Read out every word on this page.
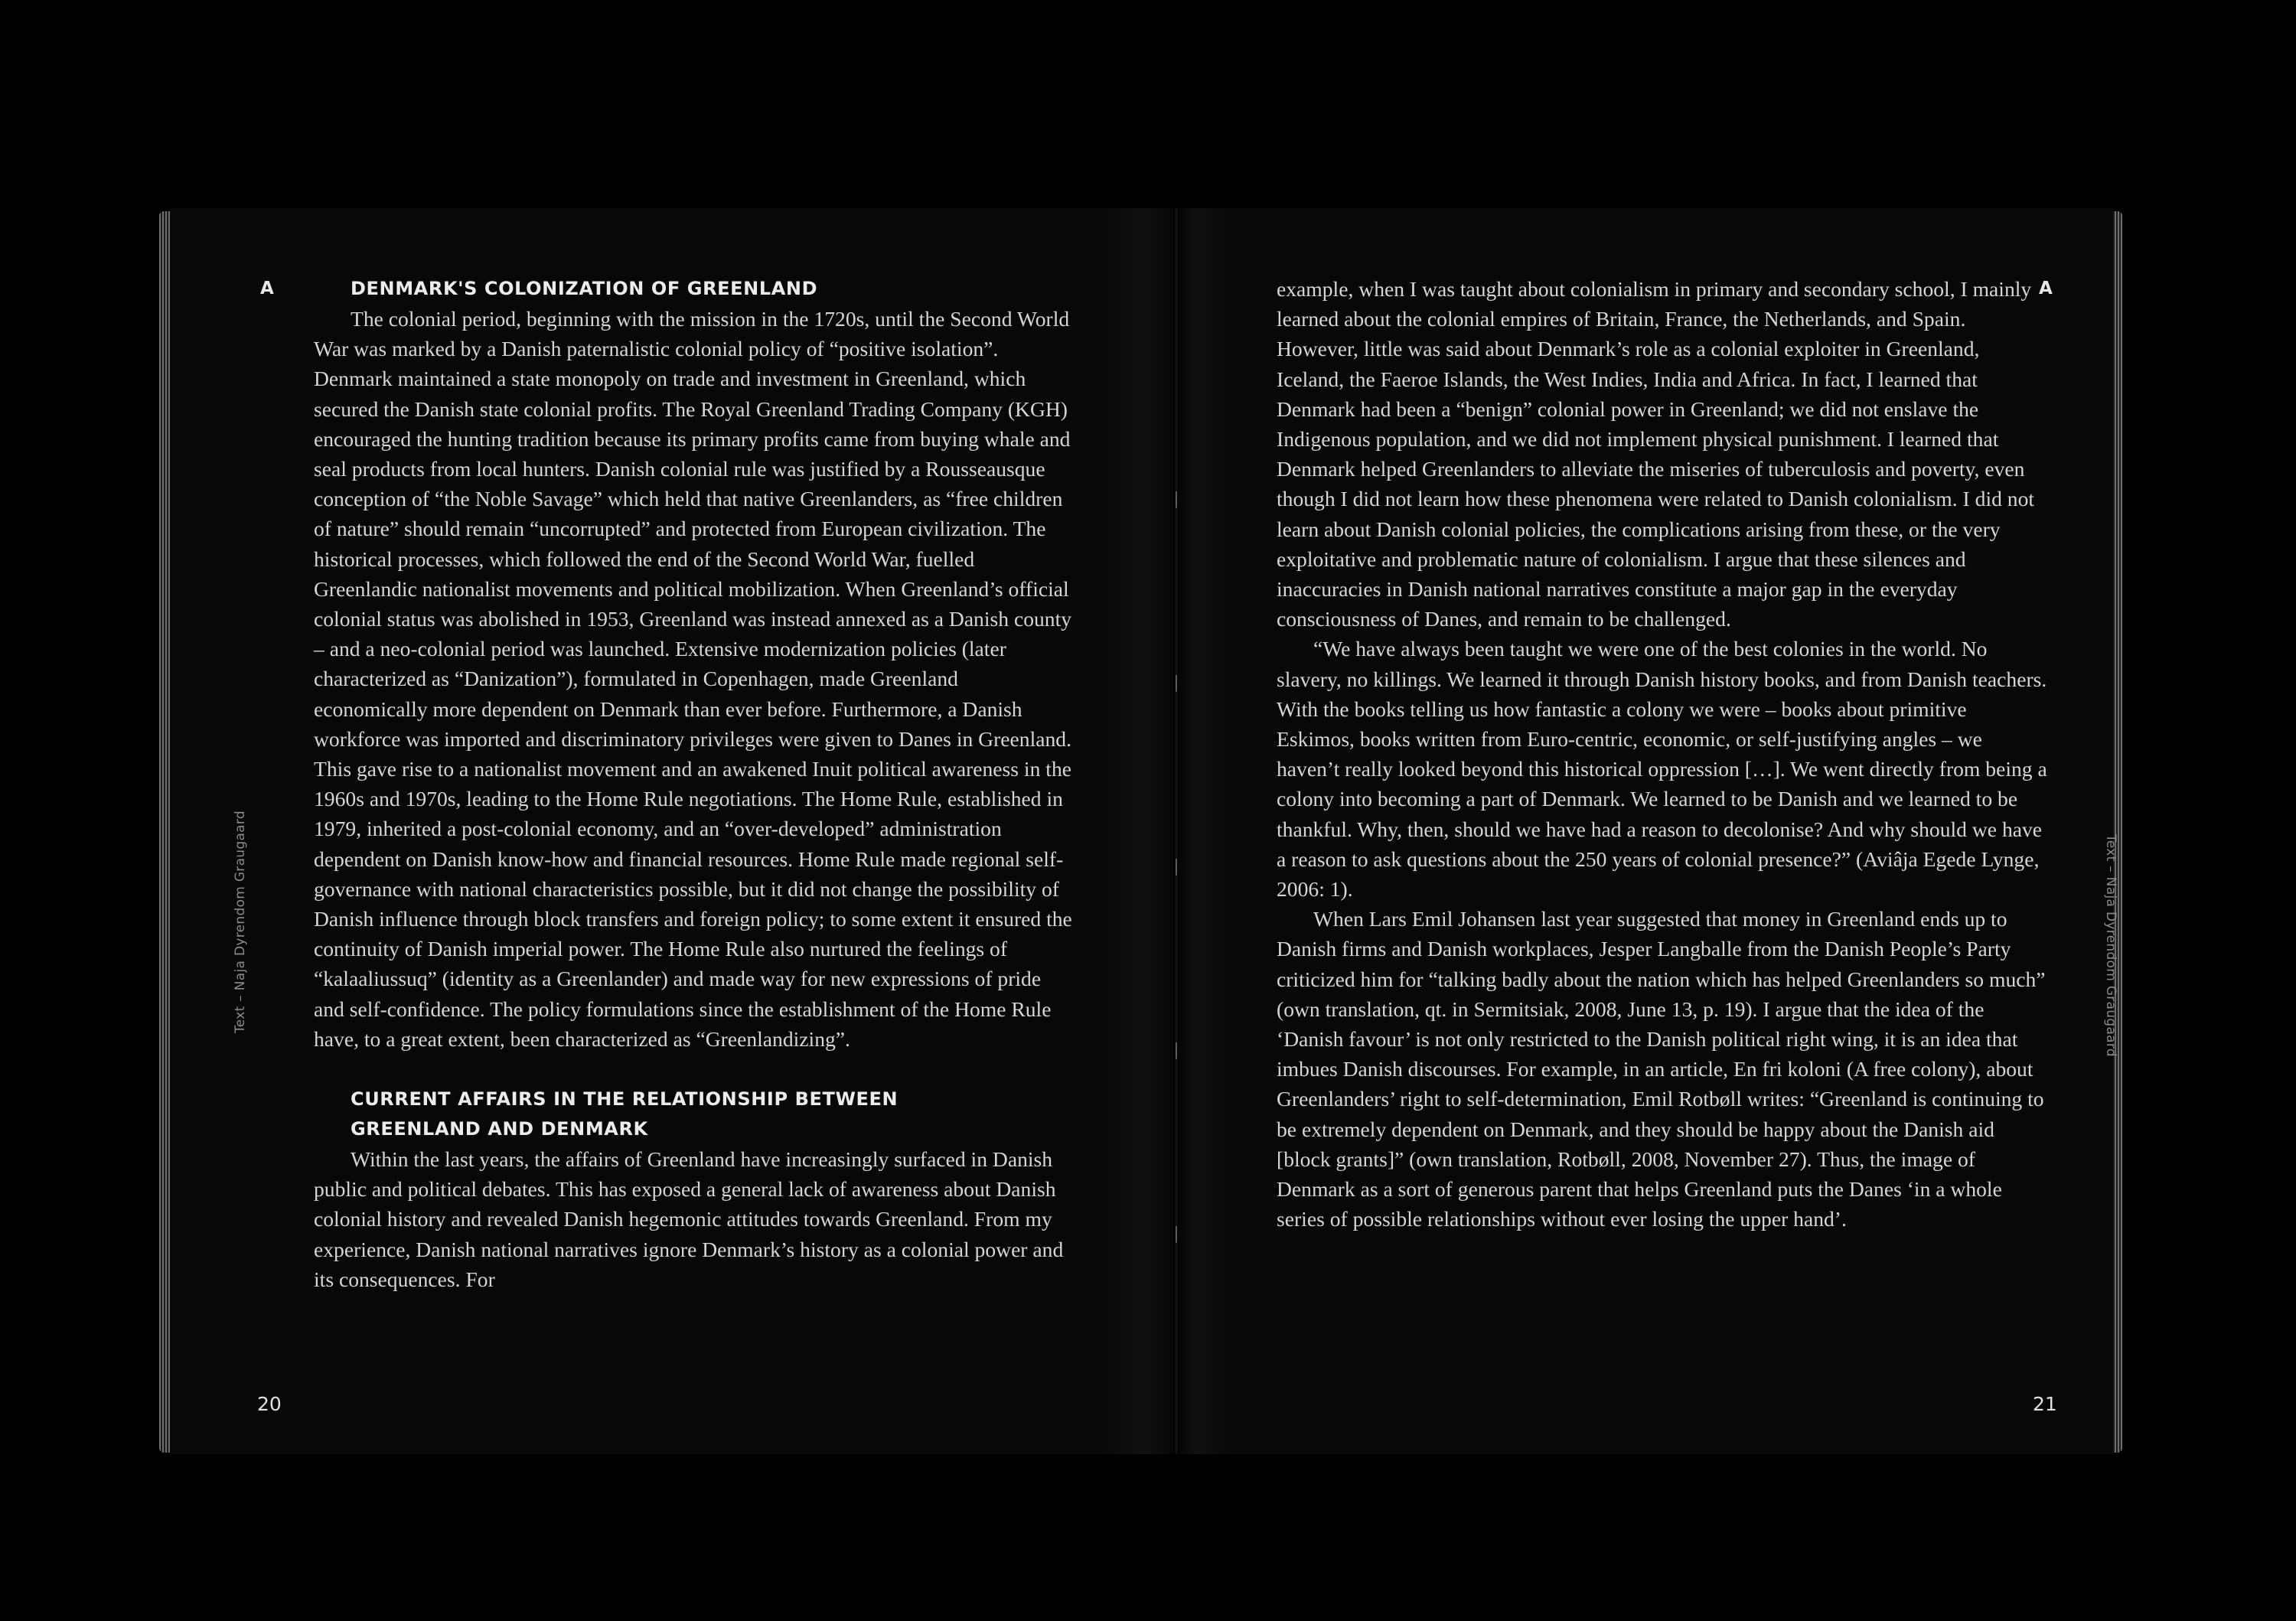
A
Text – Naja Dyrendom Graugaard
20
DENMARK'S COLONIZATION OF GREENLAND

The colonial period, beginning with the mission in the 1720s, until the Second World War was marked by a Danish paternalistic colonial policy of “positive isolation”. Denmark maintained a state monopoly on trade and investment in Greenland, which secured the Danish state colonial profits. The Royal Greenland Trading Company (KGH) encouraged the hunting tradition because its primary profits came from buying whale and seal products from local hunters. Danish colonial rule was justified by a Rousseausque conception of “the Noble Savage” which held that native Greenlanders, as “free children of nature” should remain “uncorrupted” and protected from European civilization. The historical processes, which followed the end of the Second World War, fuelled Greenlandic nationalist movements and political mobilization. When Greenland’s official colonial status was abolished in 1953, Greenland was instead annexed as a Danish county – and a neo-colonial period was launched. Extensive modernization policies (later characterized as “Danization”), formulated in Copenhagen, made Greenland economically more dependent on Denmark than ever before. Furthermore, a Danish workforce was imported and discriminatory privileges were given to Danes in Greenland. This gave rise to a nationalist movement and an awakened Inuit political awareness in the 1960s and 1970s, leading to the Home Rule negotiations. The Home Rule, established in 1979, inherited a post-colonial economy, and an “over-developed” administration dependent on Danish know-how and financial resources. Home Rule made regional self-governance with national characteristics possible, but it did not change the possibility of Danish influence through block transfers and foreign policy; to some extent it ensured the continuity of Danish imperial power. The Home Rule also nurtured the feelings of “kalaaliussuq” (identity as a Greenlander) and made way for new expressions of pride and self-confidence. The policy formulations since the establishment of the Home Rule have, to a great extent, been characterized as “Greenlandizing”.

CURRENT AFFAIRS IN THE RELATIONSHIP BETWEEN GREENLAND AND DENMARK

Within the last years, the affairs of Greenland have increasingly surfaced in Danish public and political debates. This has exposed a general lack of awareness about Danish colonial history and revealed Danish hegemonic attitudes towards Greenland. From my experience, Danish national narratives ignore Denmark’s history as a colonial power and its consequences. For

A
Text – Naja Dyrendom Graugaard
21

example, when I was taught about colonialism in primary and secondary school, I mainly learned about the colonial empires of Britain, France, the Netherlands, and Spain. However, little was said about Denmark’s role as a colonial exploiter in Greenland, Iceland, the Faeroe Islands, the West Indies, India and Africa. In fact, I learned that Denmark had been a “benign” colonial power in Greenland; we did not enslave the Indigenous population, and we did not implement physical punishment. I learned that Denmark helped Greenlanders to alleviate the miseries of tuberculosis and poverty, even though I did not learn how these phenomena were related to Danish colonialism. I did not learn about Danish colonial policies, the complications arising from these, or the very exploitative and problematic nature of colonialism. I argue that these silences and inaccuracies in Danish national narratives constitute a major gap in the everyday consciousness of Danes, and remain to be challenged.

“We have always been taught we were one of the best colonies in the world. No slavery, no killings. We learned it through Danish history books, and from Danish teachers. With the books telling us how fantastic a colony we were – books about primitive Eskimos, books written from Euro-centric, economic, or self-justifying angles – we haven’t really looked beyond this historical oppression […]. We went directly from being a colony into becoming a part of Denmark. We learned to be Danish and we learned to be thankful. Why, then, should we have had a reason to decolonise? And why should we have a reason to ask questions about the 250 years of colonial presence?” (Aviâja Egede Lynge, 2006: 1).

When Lars Emil Johansen last year suggested that money in Greenland ends up to Danish firms and Danish workplaces, Jesper Langballe from the Danish People’s Party criticized him for “talking badly about the nation which has helped Greenlanders so much” (own translation, qt. in Sermitsiak, 2008, June 13, p. 19). I argue that the idea of the ‘Danish favour’ is not only restricted to the Danish political right wing, it is an idea that imbues Danish discourses. For example, in an article, En fri koloni (A free colony), about Greenlanders’ right to self-determination, Emil Rotbøll writes: “Greenland is continuing to be extremely dependent on Denmark, and they should be happy about the Danish aid [block grants]” (own translation, Rotbøll, 2008, November 27). Thus, the image of Denmark as a sort of generous parent that helps Greenland puts the Danes ‘in a whole series of possible relationships without ever losing the upper hand’.
